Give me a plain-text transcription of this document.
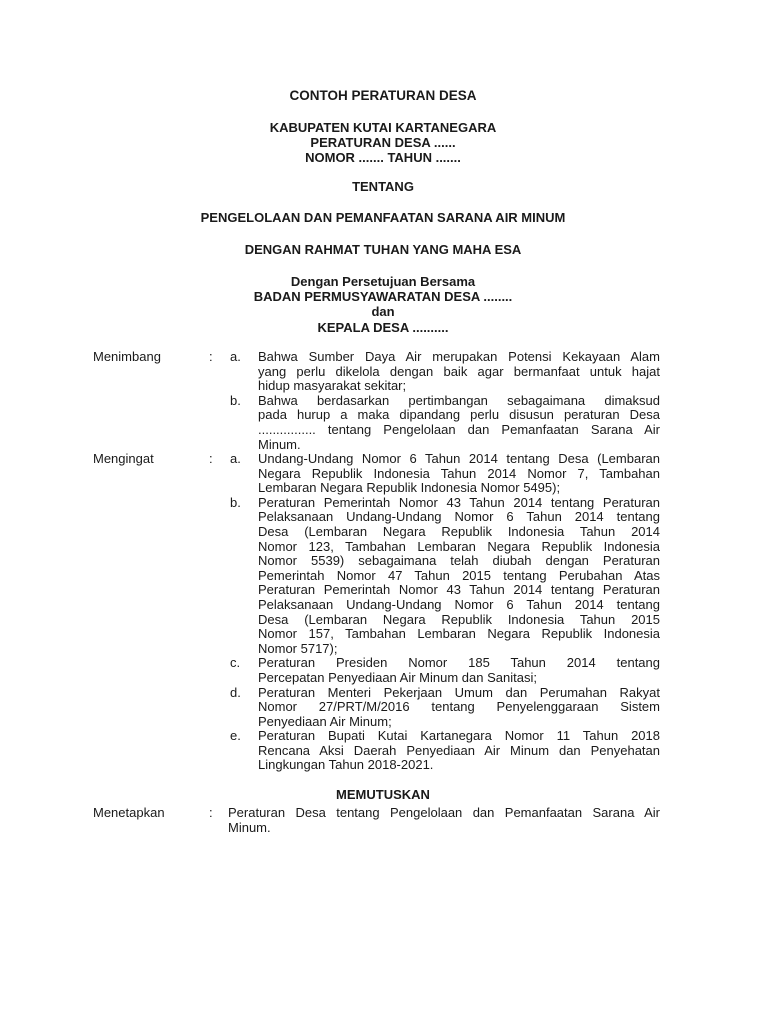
CONTOH PERATURAN DESA
KABUPATEN KUTAI KARTANEGARA
PERATURAN DESA ......
NOMOR ....... TAHUN .......
TENTANG
PENGELOLAAN DAN PEMANFAATAN SARANA AIR MINUM
DENGAN RAHMAT TUHAN YANG MAHA ESA
Dengan Persetujuan Bersama
BADAN PERMUSYAWARATAN DESA ........
dan
KEPALA DESA ..........
Menimbang	: a. Bahwa Sumber Daya Air merupakan Potensi Kekayaan Alam
yang perlu dikelola dengan baik agar bermanfaat untuk hajat
hidup masyarakat sekitar;
b. Bahwa berdasarkan pertimbangan sebagaimana dimaksud
pada hurup a maka dipandang perlu disusun peraturan Desa
................ tentang Pengelolaan dan Pemanfaatan Sarana Air
Minum.
Mengingat	: a. Undang-Undang Nomor 6 Tahun 2014 tentang Desa (Lembaran
Negara Republik Indonesia Tahun 2014 Nomor 7, Tambahan
Lembaran Negara Republik Indonesia Nomor 5495);
b. Peraturan Pemerintah Nomor 43 Tahun 2014 tentang Peraturan
Pelaksanaan Undang-Undang Nomor 6 Tahun 2014 tentang
Desa (Lembaran Negara Republik Indonesia Tahun 2014
Nomor 123, Tambahan Lembaran Negara Republik Indonesia
Nomor 5539) sebagaimana telah diubah dengan Peraturan
Pemerintah Nomor 47 Tahun 2015 tentang Perubahan Atas
Peraturan Pemerintah Nomor 43 Tahun 2014 tentang Peraturan
Pelaksanaan Undang-Undang Nomor 6 Tahun 2014 tentang
Desa (Lembaran Negara Republik Indonesia Tahun 2015
Nomor 157, Tambahan Lembaran Negara Republik Indonesia
Nomor 5717);
c. Peraturan Presiden Nomor 185 Tahun 2014 tentang
Percepatan Penyediaan Air Minum dan Sanitasi;
d. Peraturan Menteri Pekerjaan Umum dan Perumahan Rakyat
Nomor 27/PRT/M/2016 tentang Penyelenggaraan Sistem
Penyediaan Air Minum;
e. Peraturan Bupati Kutai Kartanegara Nomor 11 Tahun 2018
Rencana Aksi Daerah Penyediaan Air Minum dan Penyehatan
Lingkungan Tahun 2018-2021.
MEMUTUSKAN
Menetapkan	: Peraturan Desa tentang Pengelolaan dan Pemanfaatan Sarana Air
Minum.
